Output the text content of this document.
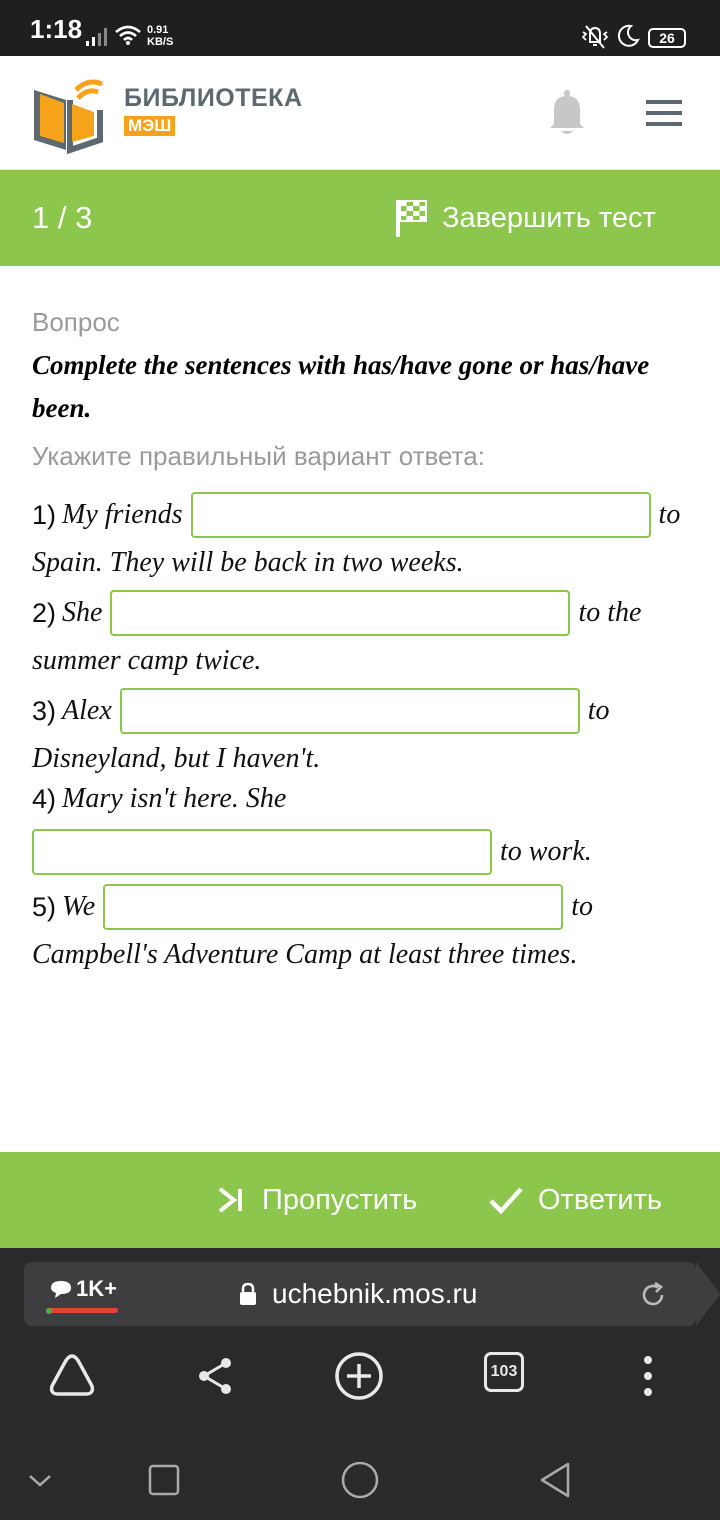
1:18	0.91
KB/S	26
БИБЛИОТЕКА
МЭШ
1 / 3	Завершить тест
Вопрос
Complete the sentences with has/have gone or has/have
been.
Укажите правильный вариант ответа:
1) My friends	to
Spain. They will be back in two weeks.
2) She	to the
summer camp twice.
3) Alex	to
Disneyland, but I haven't.
4) Mary isn't here. She
to work.
5) We	to
Campbell's Adventure Camp at least three times.
Пропустить	Ответить
1K+	uchebnik.mos.ru
103
